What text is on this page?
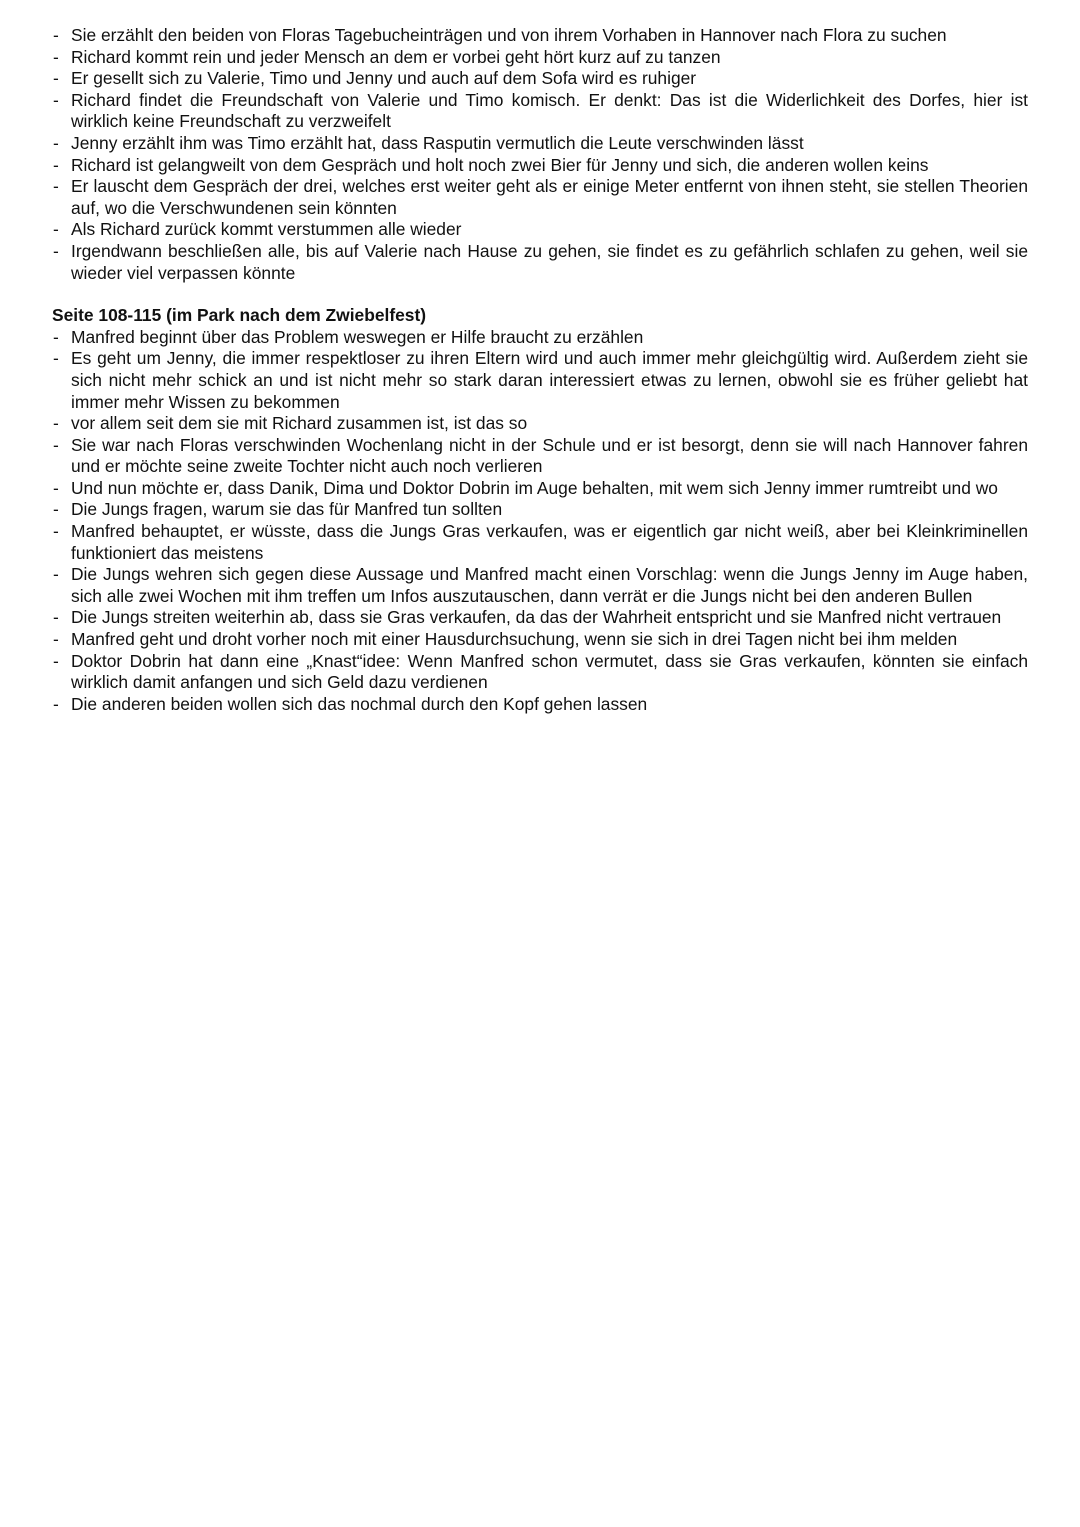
- Sie erzählt den beiden von Floras Tagebucheinträgen und von ihrem Vorhaben in Hannover nach Flora zu suchen
- Richard kommt rein und jeder Mensch an dem er vorbei geht hört kurz auf zu tanzen
- Er gesellt sich zu Valerie, Timo und Jenny und auch auf dem Sofa wird es ruhiger
- Richard findet die Freundschaft von Valerie und Timo komisch. Er denkt: Das ist die Widerlichkeit des Dorfes, hier ist wirklich keine Freundschaft zu verzweifelt
- Jenny erzählt ihm was Timo erzählt hat, dass Rasputin vermutlich die Leute verschwinden lässt
- Richard ist gelangweilt von dem Gespräch und holt noch zwei Bier für Jenny und sich, die anderen wollen keins
- Er lauscht dem Gespräch der drei, welches erst weiter geht als er einige Meter entfernt von ihnen steht, sie stellen Theorien auf, wo die Verschwundenen sein könnten
- Als Richard zurück kommt verstummen alle wieder
- Irgendwann beschließen alle, bis auf Valerie nach Hause zu gehen, sie findet es zu gefährlich schlafen zu gehen, weil sie wieder viel verpassen könnte
Seite 108-115 (im Park nach dem Zwiebelfest)
- Manfred beginnt über das Problem weswegen er Hilfe braucht zu erzählen
- Es geht um Jenny, die immer respektloser zu ihren Eltern wird und auch immer mehr gleichgültig wird. Außerdem zieht sie sich nicht mehr schick an und ist nicht mehr so stark daran interessiert etwas zu lernen, obwohl sie es früher geliebt hat immer mehr Wissen zu bekommen
- vor allem seit dem sie mit Richard zusammen ist, ist das so
- Sie war nach Floras verschwinden Wochenlang nicht in der Schule und er ist besorgt, denn sie will nach Hannover fahren und er möchte seine zweite Tochter nicht auch noch verlieren
- Und nun möchte er, dass Danik, Dima und Doktor Dobrin im Auge behalten, mit wem sich Jenny immer rumtreibt und wo
- Die Jungs fragen, warum sie das für Manfred tun sollten
- Manfred behauptet, er wüsste, dass die Jungs Gras verkaufen, was er eigentlich gar nicht weiß, aber bei Kleinkriminellen funktioniert das meistens
- Die Jungs wehren sich gegen diese Aussage und Manfred macht einen Vorschlag: wenn die Jungs Jenny im Auge haben, sich alle zwei Wochen mit ihm treffen um Infos auszutauschen, dann verrät er die Jungs nicht bei den anderen Bullen
- Die Jungs streiten weiterhin ab, dass sie Gras verkaufen, da das der Wahrheit entspricht und sie Manfred nicht vertrauen
- Manfred geht und droht vorher noch mit einer Hausdurchsuchung, wenn sie sich in drei Tagen nicht bei ihm melden
- Doktor Dobrin hat dann eine „Knast“idee: Wenn Manfred schon vermutet, dass sie Gras verkaufen, könnten sie einfach wirklich damit anfangen und sich Geld dazu verdienen
- Die anderen beiden wollen sich das nochmal durch den Kopf gehen lassen
